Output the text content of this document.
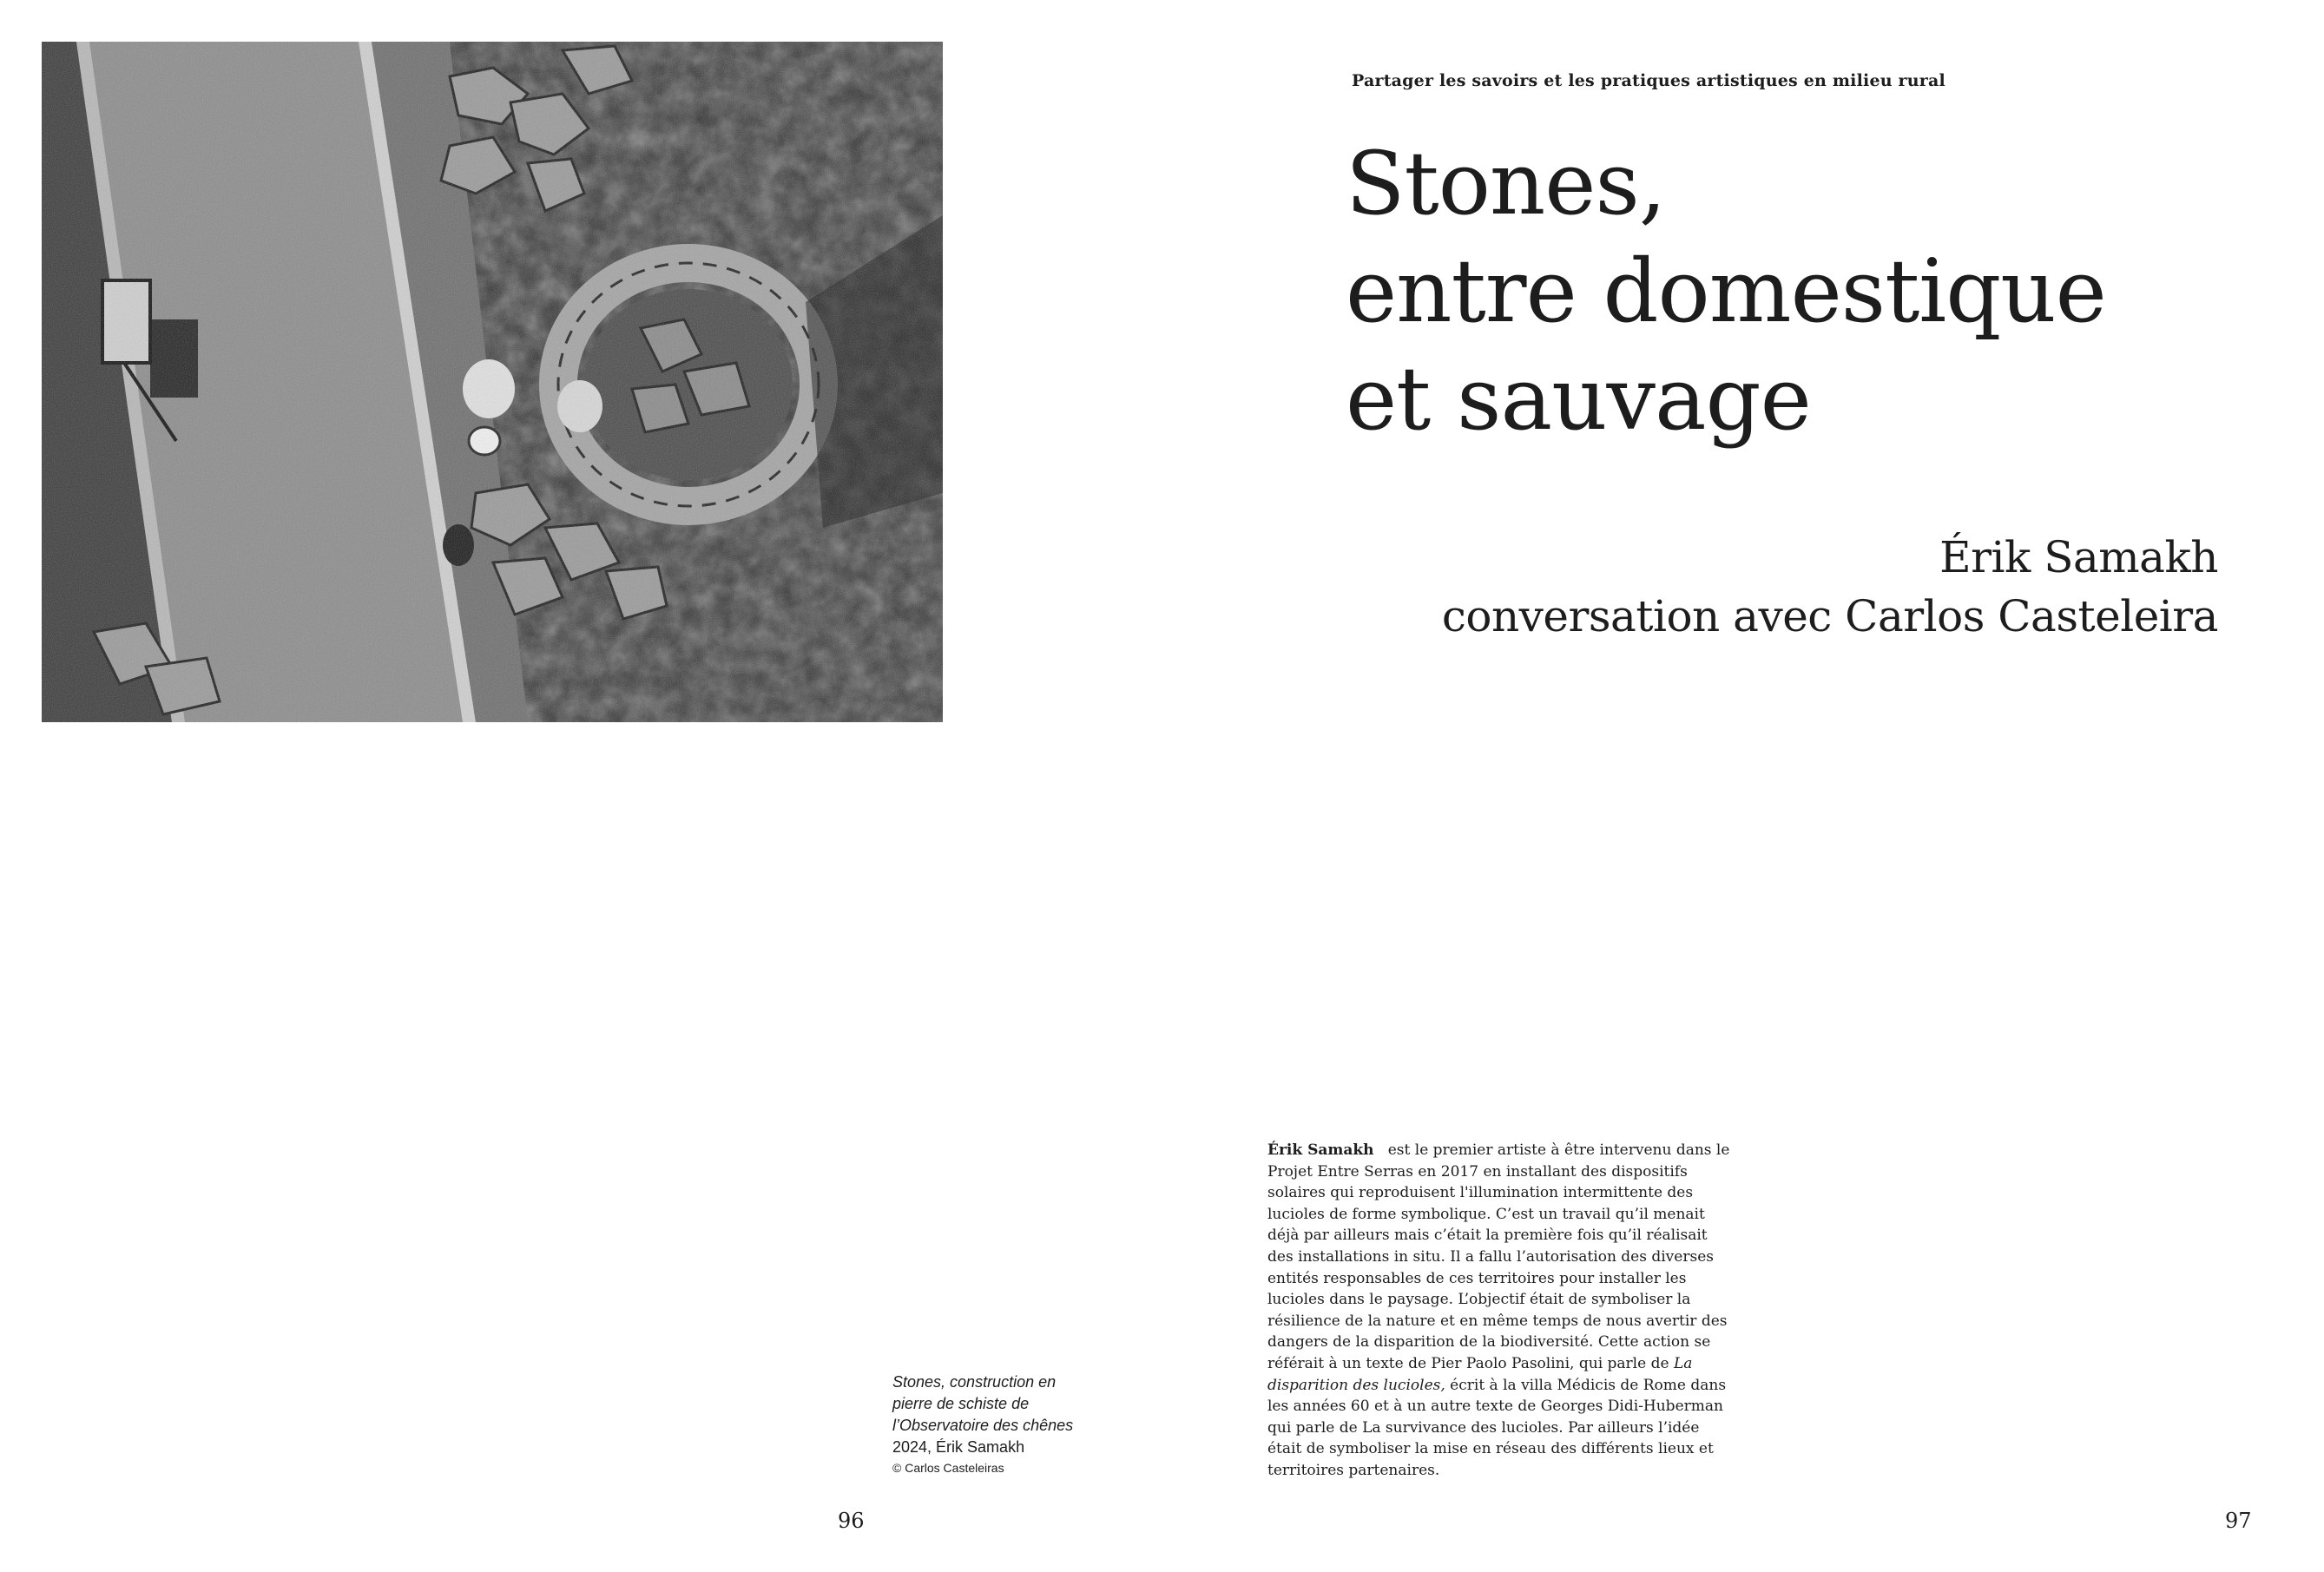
Partager les savoirs et les pratiques artistiques en milieu rural
Stones,
entre domestique
et sauvage
Érik Samakh
conversation avec Carlos Casteleira
Stones, construction en
pierre de schiste de
l’Observatoire des chênes
2024, Érik Samakh
© Carlos Casteleiras
Érik Samakh est le premier artiste à être intervenu dans le
Projet Entre Serras en 2017 en installant des dispositifs
solaires qui reproduisent l'illumination intermittente des
lucioles de forme symbolique. C’est un travail qu’il menait
déjà par ailleurs mais c’était la première fois qu’il réalisait
des installations in situ. Il a fallu l’autorisation des diverses
entités responsables de ces territoires pour installer les
lucioles dans le paysage. L’objectif était de symboliser la
résilience de la nature et en même temps de nous avertir des
dangers de la disparition de la biodiversité. Cette action se
référait à un texte de Pier Paolo Pasolini, qui parle de La
disparition des lucioles, écrit à la villa Médicis de Rome dans
les années 60 et à un autre texte de Georges Didi-Huberman
qui parle de La survivance des lucioles. Par ailleurs l’idée
était de symboliser la mise en réseau des différents lieux et
territoires partenaires.
96	97
